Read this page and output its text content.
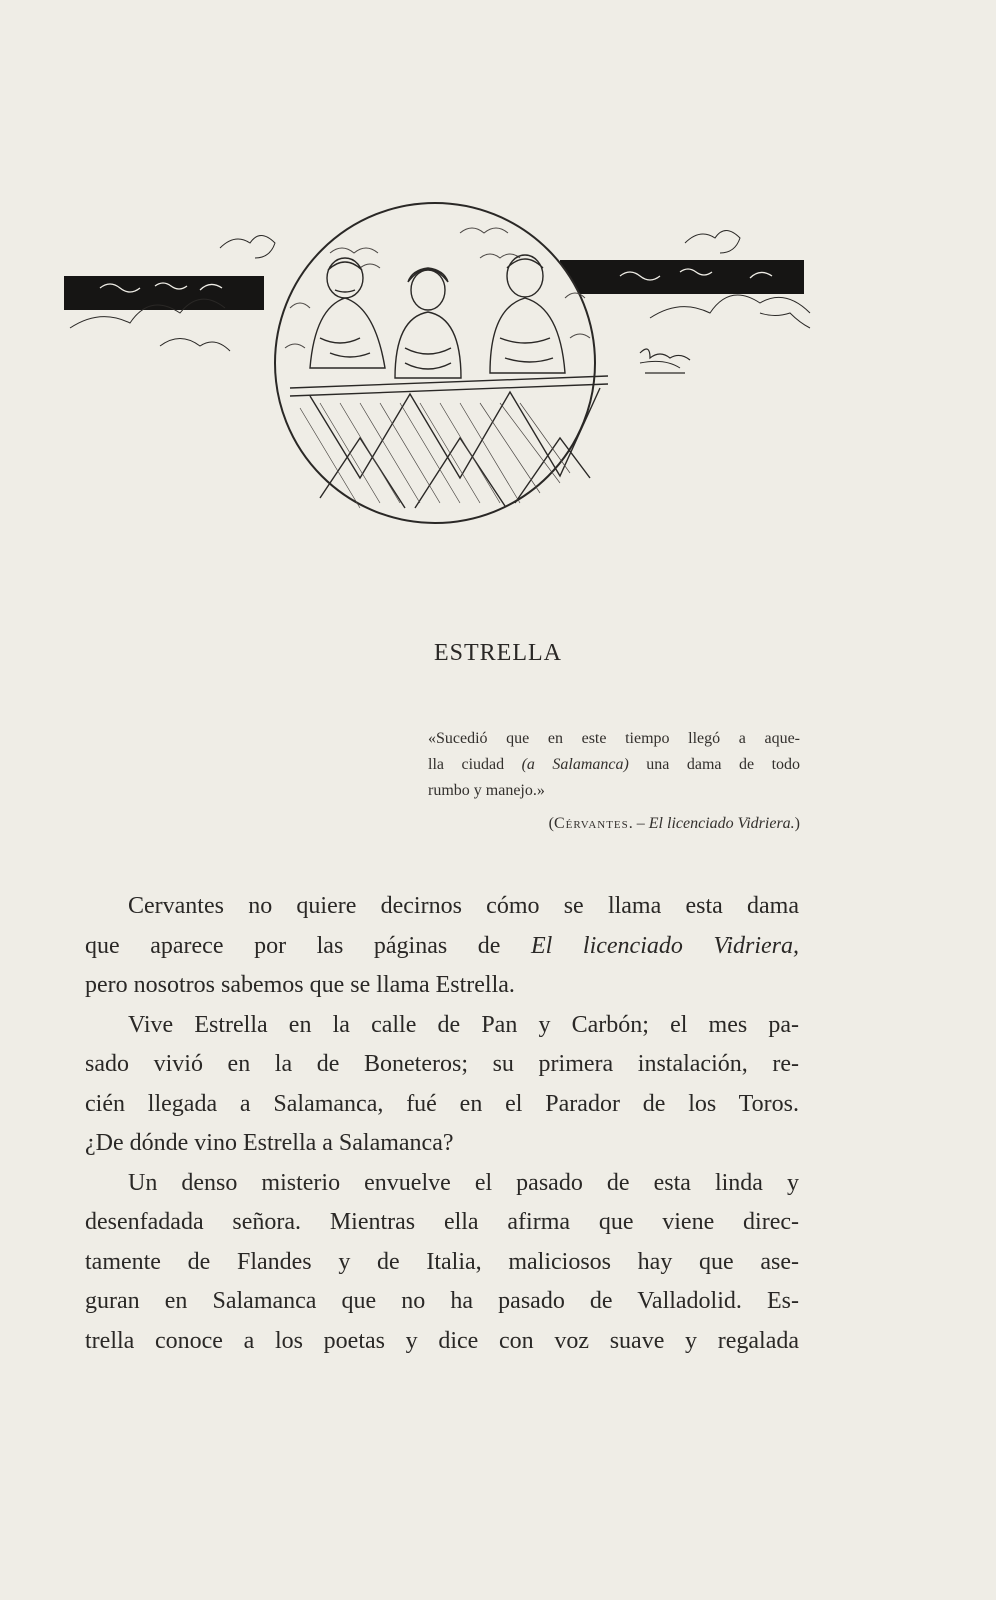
ESTRELLA
«Sucedió que en este tiempo llegó a aque-
lla ciudad (a Salamanca) una dama de todo
rumbo y manejo.»
(Cérvantes. – El licenciado Vidriera.)
Cervantes no quiere decirnos cómo se llama esta dama
que aparece por las páginas de El licenciado Vidriera,
pero nosotros sabemos que se llama Estrella.
Vive Estrella en la calle de Pan y Carbón; el mes pa-
sado vivió en la de Boneteros; su primera instalación, re-
cién llegada a Salamanca, fué en el Parador de los Toros.
¿De dónde vino Estrella a Salamanca?
Un denso misterio envuelve el pasado de esta linda y
desenfadada señora. Mientras ella afirma que viene direc-
tamente de Flandes y de Italia, maliciosos hay que ase-
guran en Salamanca que no ha pasado de Valladolid. Es-
trella conoce a los poetas y dice con voz suave y regalada
